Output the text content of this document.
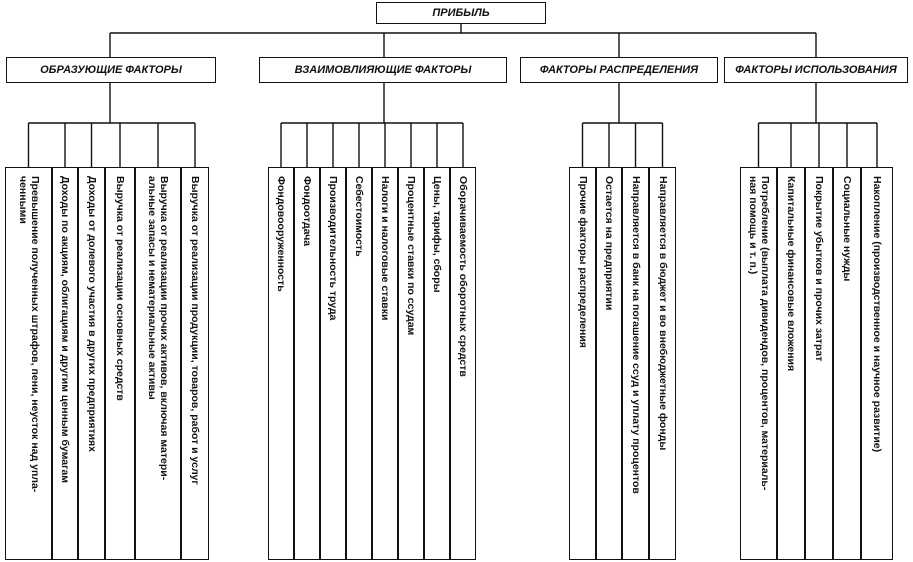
ПРИБЫЛЬ
ОБРАЗУЮЩИЕ ФАКТОРЫ	ВЗАИМОВЛИЯЮЩИЕ ФАКТОРЫ	ФАКТОРЫ РАСПРЕДЕЛЕНИЯ	ФАКТОРЫ ИСПОЛЬЗОВАНИЯ
Превышение полученных штрафов, пени, неусток над упла-
ченными	Доходы по акциям, облигациям и другим ценным бумагам Доходы от долевого участия в других предприятиях Выручка от реализации основных средств	Выручка от реализации прочих активов, включая матери-
альные запасы и нематериальные активы	Выручка от реализации продукции, товаров, работ и услуг	Фондовооруженность Фондоотдача Производительность труда Себестоимость Налоги и налоговые ставки Процентные ставки по ссудам Цены, тарифы, сборы Оборачиваемость оборотных средств	Прочие факторы распределения Остается на предприятии Направляется в банк на погашение ссуд и уплату процентов Направляется в бюджет и во внебюджетные фонды	Потребление (выплата дивидендов, процентов, материаль-
ная помощь и т. п.)	Капитальные финансовые вложения Покрытие убытков и прочих затрат Социальные нужды Накопление (производственное и научное развитие)
